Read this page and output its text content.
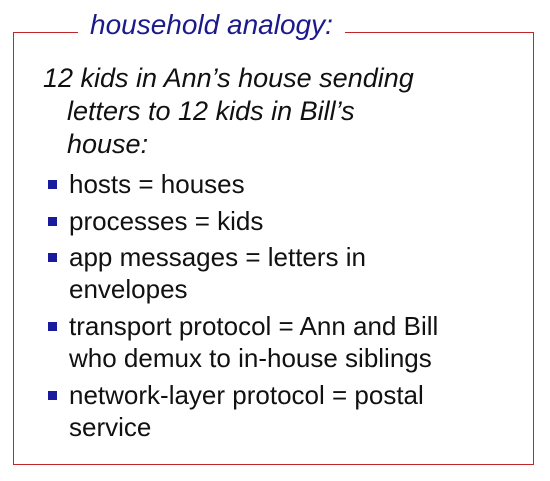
household analogy:
12 kids in Ann’s house sending
letters to 12 kids in Bill’s
house:
hosts = houses
processes = kids
app messages = letters in
envelopes
transport protocol = Ann and Bill
who demux to in-house siblings
network-layer protocol = postal
service
